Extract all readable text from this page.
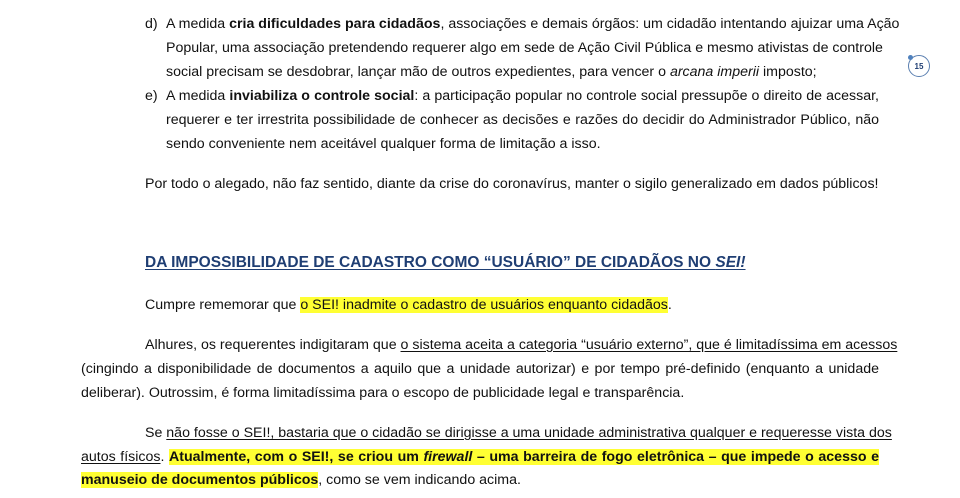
15
d) A medida cria dificuldades para cidadãos, associações e demais órgãos: um cidadão intentando ajuizar uma Ação
Popular, uma associação pretendendo requerer algo em sede de Ação Civil Pública e mesmo ativistas de controle
social precisam se desdobrar, lançar mão de outros expedientes, para vencer o arcana imperii imposto;
e) A medida inviabiliza o controle social: a participação popular no controle social pressupõe o direito de acessar,
requerer e ter irrestrita possibilidade de conhecer as decisões e razões do decidir do Administrador Público, não
sendo conveniente nem aceitável qualquer forma de limitação a isso.
Por todo o alegado, não faz sentido, diante da crise do coronavírus, manter o sigilo generalizado em dados públicos!
DA IMPOSSIBILIDADE DE CADASTRO COMO “USUÁRIO” DE CIDADÃOS NO SEI!
Cumpre rememorar que o SEI! inadmite o cadastro de usuários enquanto cidadãos.
Alhures, os requerentes indigitaram que o sistema aceita a categoria “usuário externo”, que é limitadíssima em acessos
(cingindo a disponibilidade de documentos a aquilo que a unidade autorizar) e por tempo pré-definido (enquanto a unidade
deliberar). Outrossim, é forma limitadíssima para o escopo de publicidade legal e transparência.
Se não fosse o SEI!, bastaria que o cidadão se dirigisse a uma unidade administrativa qualquer e requeresse vista dos
autos físicos. Atualmente, com o SEI!, se criou um firewall – uma barreira de fogo eletrônica – que impede o acesso e
manuseio de documentos públicos, como se vem indicando acima.
